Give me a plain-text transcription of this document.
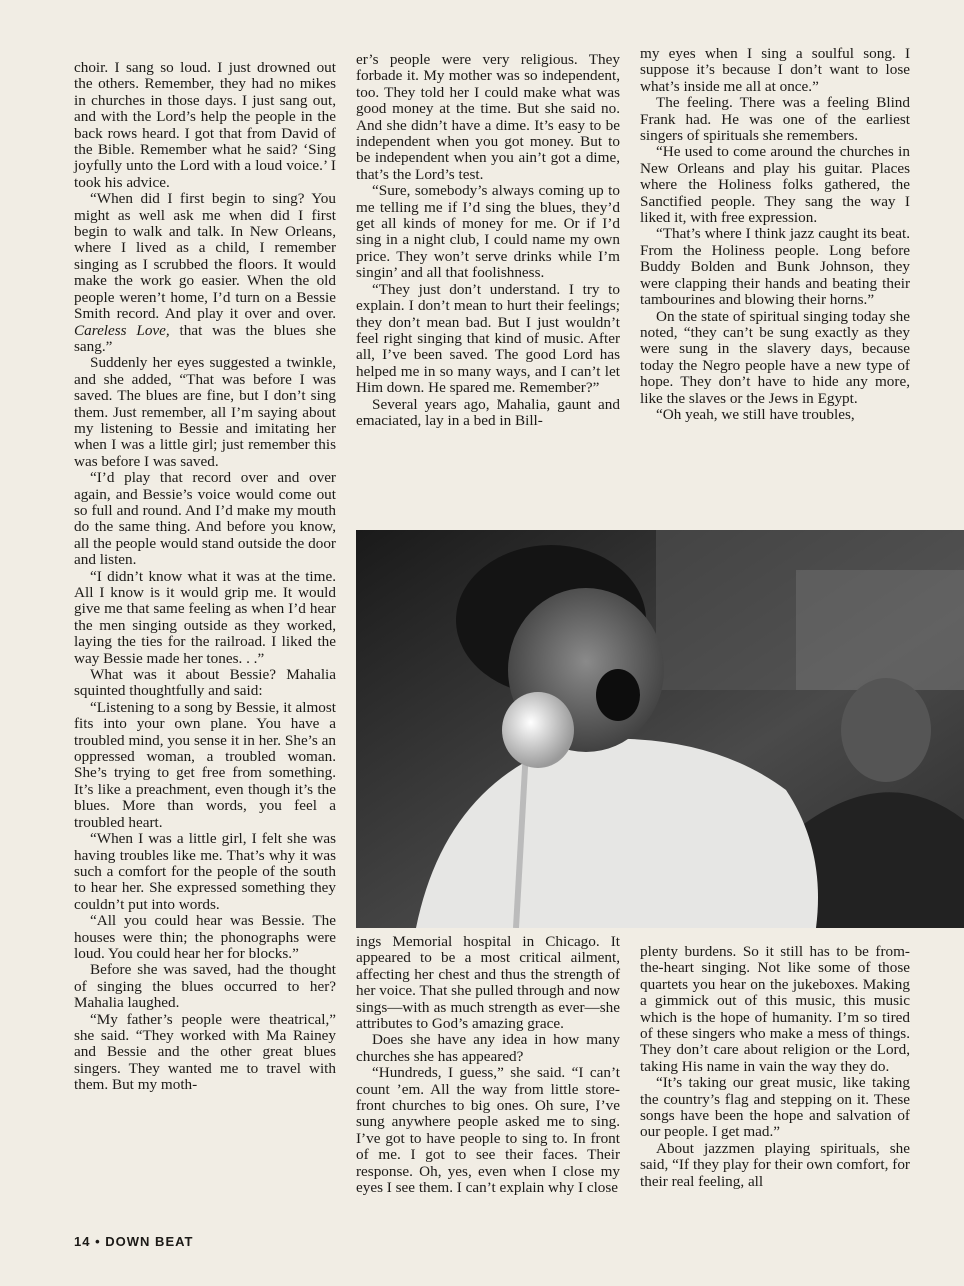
choir. I sang so loud. I just drowned out the others. Remember, they had no mikes in churches in those days. I just sang out, and with the Lord’s help the people in the back rows heard. I got that from David of the Bible. Remember what he said? ‘Sing joyfully unto the Lord with a loud voice.’ I took his advice.

“When did I first begin to sing? You might as well ask me when did I first begin to walk and talk. In New Orleans, where I lived as a child, I remember singing as I scrubbed the floors. It would make the work go easier. When the old people weren’t home, I’d turn on a Bessie Smith record. And play it over and over. Careless Love, that was the blues she sang.”

Suddenly her eyes suggested a twinkle, and she added, “That was before I was saved. The blues are fine, but I don’t sing them. Just remember, all I’m saying about my listening to Bessie and imitating her when I was a little girl; just remember this was before I was saved.

“I’d play that record over and over again, and Bessie’s voice would come out so full and round. And I’d make my mouth do the same thing. And before you know, all the people would stand outside the door and listen.

“I didn’t know what it was at the time. All I know is it would grip me. It would give me that same feeling as when I’d hear the men singing outside as they worked, laying the ties for the railroad. I liked the way Bessie made her tones. . .”

What was it about Bessie? Mahalia squinted thoughtfully and said:

“Listening to a song by Bessie, it almost fits into your own plane. You have a troubled mind, you sense it in her. She’s an oppressed woman, a troubled woman. She’s trying to get free from something. It’s like a preachment, even though it’s the blues. More than words, you feel a troubled heart.

“When I was a little girl, I felt she was having troubles like me. That’s why it was such a comfort for the people of the south to hear her. She expressed something they couldn’t put into words.

“All you could hear was Bessie. The houses were thin; the phonographs were loud. You could hear her for blocks.”

Before she was saved, had the thought of singing the blues occurred to her? Mahalia laughed.

“My father’s people were theatrical,” she said. “They worked with Ma Rainey and Bessie and the other great blues singers. They wanted me to travel with them. But my moth-

er’s people were very religious. They forbade it. My mother was so independent, too. They told her I could make what was good money at the time. But she said no. And she didn’t have a dime. It’s easy to be independent when you got money. But to be independent when you ain’t got a dime, that’s the Lord’s test.

“Sure, somebody’s always coming up to me telling me if I’d sing the blues, they’d get all kinds of money for me. Or if I’d sing in a night club, I could name my own price. They won’t serve drinks while I’m singin’ and all that foolishness.

“They just don’t understand. I try to explain. I don’t mean to hurt their feelings; they don’t mean bad. But I just wouldn’t feel right singing that kind of music. After all, I’ve been saved. The good Lord has helped me in so many ways, and I can’t let Him down. He spared me. Remember?”

Several years ago, Mahalia, gaunt and emaciated, lay in a bed in Bill-

my eyes when I sing a soulful song. I suppose it’s because I don’t want to lose what’s inside me all at once.”

The feeling. There was a feeling Blind Frank had. He was one of the earliest singers of spirituals she remembers.

“He used to come around the churches in New Orleans and play his guitar. Places where the Holiness folks gathered, the Sanctified people. They sang the way I liked it, with free expression.

“That’s where I think jazz caught its beat. From the Holiness people. Long before Buddy Bolden and Bunk Johnson, they were clapping their hands and beating their tambourines and blowing their horns.”

On the state of spiritual singing today she noted, “they can’t be sung exactly as they were sung in the slavery days, because today the Negro people have a new type of hope. They don’t have to hide any more, like the slaves or the Jews in Egypt.

“Oh yeah, we still have troubles,

ings Memorial hospital in Chicago. It appeared to be a most critical ailment, affecting her chest and thus the strength of her voice. That she pulled through and now sings—with as much strength as ever—she attributes to God’s amazing grace.

Does she have any idea in how many churches she has appeared?

“Hundreds, I guess,” she said. “I can’t count ’em. All the way from little store-front churches to big ones. Oh sure, I’ve sung anywhere people asked me to sing. I’ve got to have people to sing to. In front of me. I got to see their faces. Their response. Oh, yes, even when I close my eyes I see them. I can’t explain why I close

plenty burdens. So it still has to be from-the-heart singing. Not like some of those quartets you hear on the jukeboxes. Making a gimmick out of this music, this music which is the hope of humanity. I’m so tired of these singers who make a mess of things. They don’t care about religion or the Lord, taking His name in vain the way they do.

“It’s taking our great music, like taking the country’s flag and stepping on it. These songs have been the hope and salvation of our people. I get mad.”

About jazzmen playing spirituals, she said, “If they play for their own comfort, for their real feeling, all

14 • DOWN BEAT
